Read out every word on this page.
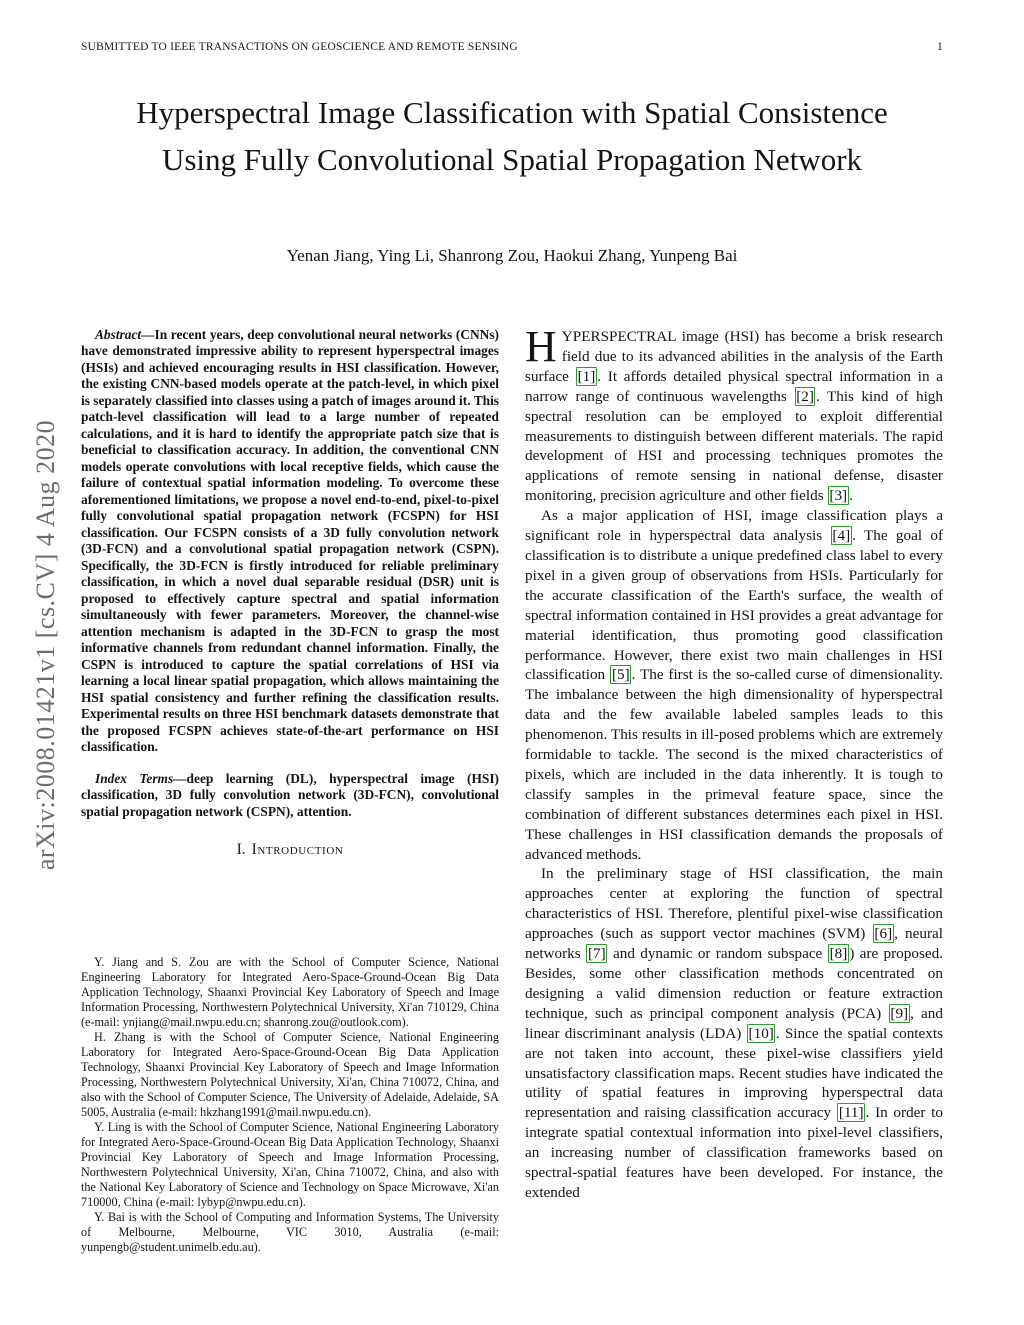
SUBMITTED TO IEEE TRANSACTIONS ON GEOSCIENCE AND REMOTE SENSING	1
arXiv:2008.01421v1 [cs.CV] 4 Aug 2020
Hyperspectral Image Classification with Spatial Consistence Using Fully Convolutional Spatial Propagation Network
Yenan Jiang, Ying Li, Shanrong Zou, Haokui Zhang, Yunpeng Bai

Abstract—In recent years, deep convolutional neural networks (CNNs) have demonstrated impressive ability to represent hyperspectral images (HSIs) and achieved encouraging results in HSI classification. However, the existing CNN-based models operate at the patch-level, in which pixel is separately classified into classes using a patch of images around it. This patch-level classification will lead to a large number of repeated calculations, and it is hard to identify the appropriate patch size that is beneficial to classification accuracy. In addition, the conventional CNN models operate convolutions with local receptive fields, which cause the failure of contextual spatial information modeling. To overcome these aforementioned limitations, we propose a novel end-to-end, pixel-to-pixel fully convolutional spatial propagation network (FCSPN) for HSI classification. Our FCSPN consists of a 3D fully convolution network (3D-FCN) and a convolutional spatial propagation network (CSPN). Specifically, the 3D-FCN is firstly introduced for reliable preliminary classification, in which a novel dual separable residual (DSR) unit is proposed to effectively capture spectral and spatial information simultaneously with fewer parameters. Moreover, the channel-wise attention mechanism is adapted in the 3D-FCN to grasp the most informative channels from redundant channel information. Finally, the CSPN is introduced to capture the spatial correlations of HSI via learning a local linear spatial propagation, which allows maintaining the HSI spatial consistency and further refining the classification results. Experimental results on three HSI benchmark datasets demonstrate that the proposed FCSPN achieves state-of-the-art performance on HSI classification.

Index Terms—deep learning (DL), hyperspectral image (HSI) classification, 3D fully convolution network (3D-FCN), convolutional spatial propagation network (CSPN), attention.

I. Introduction

Y. Jiang and S. Zou are with the School of Computer Science, National Engineering Laboratory for Integrated Aero-Space-Ground-Ocean Big Data Application Technology, Shaanxi Provincial Key Laboratory of Speech and Image Information Processing, Northwestern Polytechnical University, Xi'an 710129, China (e-mail: ynjiang@mail.nwpu.edu.cn; shanrong.zou@outlook.com).

H. Zhang is with the School of Computer Science, National Engineering Laboratory for Integrated Aero-Space-Ground-Ocean Big Data Application Technology, Shaanxi Provincial Key Laboratory of Speech and Image Information Processing, Northwestern Polytechnical University, Xi'an, China 710072, China, and also with the School of Computer Science, The University of Adelaide, Adelaide, SA 5005, Australia (e-mail: hkzhang1991@mail.nwpu.edu.cn).

Y. Ling is with the School of Computer Science, National Engineering Laboratory for Integrated Aero-Space-Ground-Ocean Big Data Application Technology, Shaanxi Provincial Key Laboratory of Speech and Image Information Processing, Northwestern Polytechnical University, Xi'an, China 710072, China, and also with the National Key Laboratory of Science and Technology on Space Microwave, Xi'an 710000, China (e-mail: lybyp@nwpu.edu.cn).

Y. Bai is with the School of Computing and Information Systems, The University of Melbourne, Melbourne, VIC 3010, Australia (e-mail: yunpengb@student.unimelb.edu.au).

HYPERSPECTRAL image (HSI) has become a brisk research field due to its advanced abilities in the analysis of the Earth surface [1] . It affords detailed physical spectral information in a narrow range of continuous wavelengths [2] . This kind of high spectral resolution can be employed to exploit differential measurements to distinguish between different materials. The rapid development of HSI and processing techniques promotes the applications of remote sensing in national defense, disaster monitoring, precision agriculture and other fields [3] .

As a major application of HSI, image classification plays a significant role in hyperspectral data analysis [4] . The goal of classification is to distribute a unique predefined class label to every pixel in a given group of observations from HSIs. Particularly for the accurate classification of the Earth's surface, the wealth of spectral information contained in HSI provides a great advantage for material identification, thus promoting good classification performance. However, there exist two main challenges in HSI classification [5] . The first is the so-called curse of dimensionality. The imbalance between the high dimensionality of hyperspectral data and the few available labeled samples leads to this phenomenon. This results in ill-posed problems which are extremely formidable to tackle. The second is the mixed characteristics of pixels, which are included in the data inherently. It is tough to classify samples in the primeval feature space, since the combination of different substances determines each pixel in HSI. These challenges in HSI classification demands the proposals of advanced methods.

In the preliminary stage of HSI classification, the main approaches center at exploring the function of spectral characteristics of HSI. Therefore, plentiful pixel-wise classification approaches (such as support vector machines (SVM) [6] , neural networks [7] and dynamic or random subspace [8] ) are proposed. Besides, some other classification methods concentrated on designing a valid dimension reduction or feature extraction technique, such as principal component analysis (PCA) [9] , and linear discriminant analysis (LDA) [10] . Since the spatial contexts are not taken into account, these pixel-wise classifiers yield unsatisfactory classification maps. Recent studies have indicated the utility of spatial features in improving hyperspectral data representation and raising classification accuracy [11] . In order to integrate spatial contextual information into pixel-level classifiers, an increasing number of classification frameworks based on spectral-spatial features have been developed. For instance, the extended
